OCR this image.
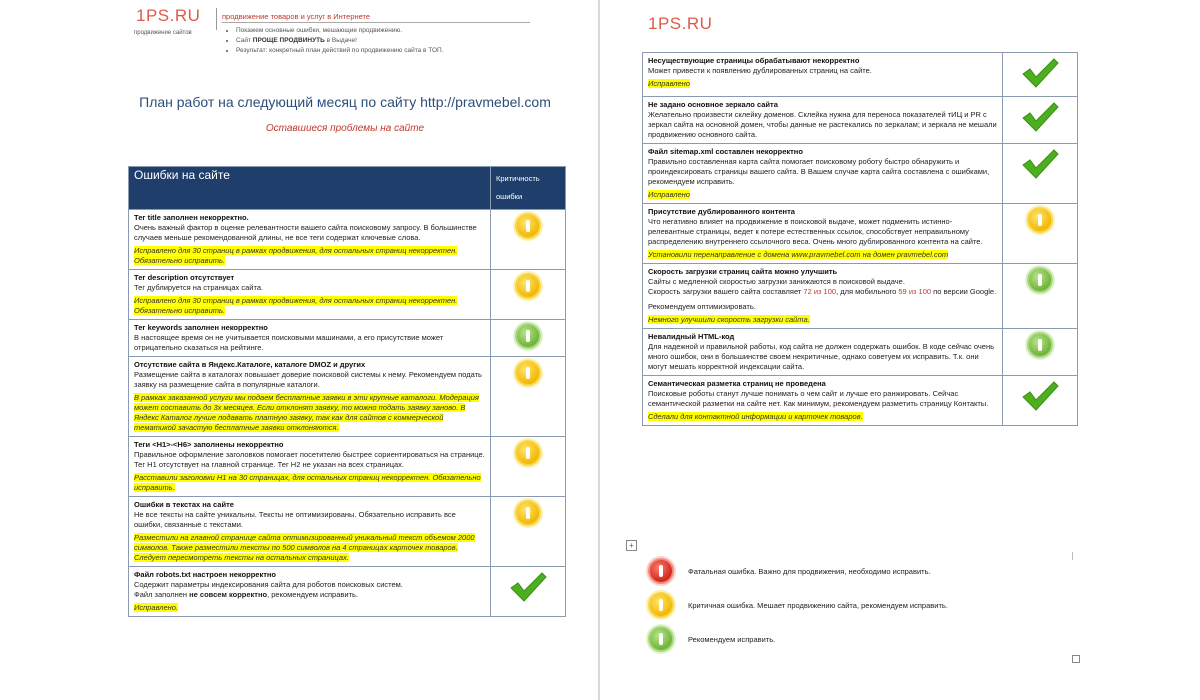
1PS.RU
продвижение сайтов
продвижение товаров и услуг в Интернете
• Покажем основные ошибки, мешающие продвижению.
• Сайт ПРОЩЕ ПРОДВИНУТЬ в Выдаче!
• Результат: конкретный план действий по продвижению сайта в ТОП.
План работ на следующий месяц по сайту http://pravmebel.com
Оставшиеся проблемы на сайте
Ошибки на сайте	Критичность ошибки

Тег title заполнен некорректно.
Очень важный фактор в оценке релевантности вашего сайта поисковому запросу. В большинстве случаев меньше рекомендованной длины, не все теги содержат ключевые слова.
Исправлено для 30 страниц в рамках продвижения, для остальных страниц некорректен. Обязательно исправить.	

Тег description отсутствует
Тег дублируется на страницах сайта.
Исправлено для 30 страниц в рамках продвижения, для остальных страниц некорректен. Обязательно исправить.	

Тег keywords заполнен некорректно
В настоящее время он не учитывается поисковыми машинами, а его присутствие может отрицательно сказаться на рейтинге.	

Отсутствие сайта в Яндекс.Каталоге, каталоге DMOZ и других
Размещение сайта в каталогах повышает доверие поисковой системы к нему. Рекомендуем подать заявку на размещение сайта в популярные каталоги.
В рамках заказанной услуги мы подаем бесплатные заявки в эти крупные каталоги. Модерация может составить до 3х месяцев. Если отклонят заявку, то можно подать заявку заново. В Яндекс Каталог лучше подавать платную заявку, так как для сайтов с коммерческой тематикой зачастую бесплатные заявки отклоняются.	

Теги <H1>-<H6> заполнены некорректно
Правильное оформление заголовков помогает посетителю быстрее сориентироваться на странице. Тег H1 отсутствует на главной странице. Тег H2 не указан на всех страницах.
Расставили заголовки H1 на 30 страницах, для остальных страниц некорректен. Обязательно исправить.	

Ошибки в текстах на сайте
Не все тексты на сайте уникальны. Тексты не оптимизированы. Обязательно исправить все ошибки, связанные с текстами.
Разместили на главной странице сайта оптимизированный уникальный текст объемом 2000 символов. Также разместили тексты по 500 символов на 4 страницах карточек товаров. Следует пересмотреть тексты на остальных страницах.	

Файл robots.txt настроен некорректно
Содержит параметры индексирования сайта для роботов поисковых систем.
Файл заполнен не совсем корректно, рекомендуем исправить.
Исправлено.

1PS.RU
Несуществующие страницы обрабатывают некорректно
Может привести к появлению дублированных страниц на сайте.
Исправлено

Не задано основное зеркало сайта
Желательно произвести склейку доменов. Склейка нужна для переноса показателей тИЦ и PR с зеркал сайта на основной домен, чтобы данные не растекались по зеркалам; и зеркала не мешали продвижению основного сайта.

Файл sitemap.xml составлен некорректно
Правильно составленная карта сайта помогает поисковому роботу быстро обнаружить и проиндексировать страницы вашего сайта. В Вашем случае карта сайта составлена с ошибками, рекомендуем исправить.
Исправлено

Присутствие дублированного контента
Что негативно влияет на продвижение в поисковой выдаче, может подменить истинно-релевантные страницы, ведет к потере естественных ссылок, способствует неправильному распределению внутреннего ссылочного веса. Очень много дублированного контента на сайте.
Установили перенаправление с домена www.pravmebel.com на домен pravmebel.com	

Скорость загрузки страниц сайта можно улучшить
Сайты с медленной скоростью загрузки занижаются в поисковой выдаче.
Скорость загрузки вашего сайта составляет 72 из 100, для мобильного 59 из 100 по версии Google.
Рекомендуем оптимизировать.
Немного улучшили скорость загрузки сайта.	

Невалидный HTML-код
Для надежной и правильной работы, код сайта не должен содержать ошибок. В коде сейчас очень много ошибок, они в большинстве своем некритичные, однако советуем их исправить. Т.к. они могут мешать корректной индексации сайта.	

Семантическая разметка страниц не проведена
Поисковые роботы станут лучше понимать о чем сайт и лучше его ранжировать. Сейчас семантической разметки на сайте нет. Как минимум, рекомендуем разметить страницу Контакты.
Сделали для контактной информации и карточек товаров.

+
Фатальная ошибка. Важно для продвижения, необходимо исправить.
Критичная ошибка. Мешает продвижению сайта, рекомендуем исправить.
Рекомендуем исправить.
